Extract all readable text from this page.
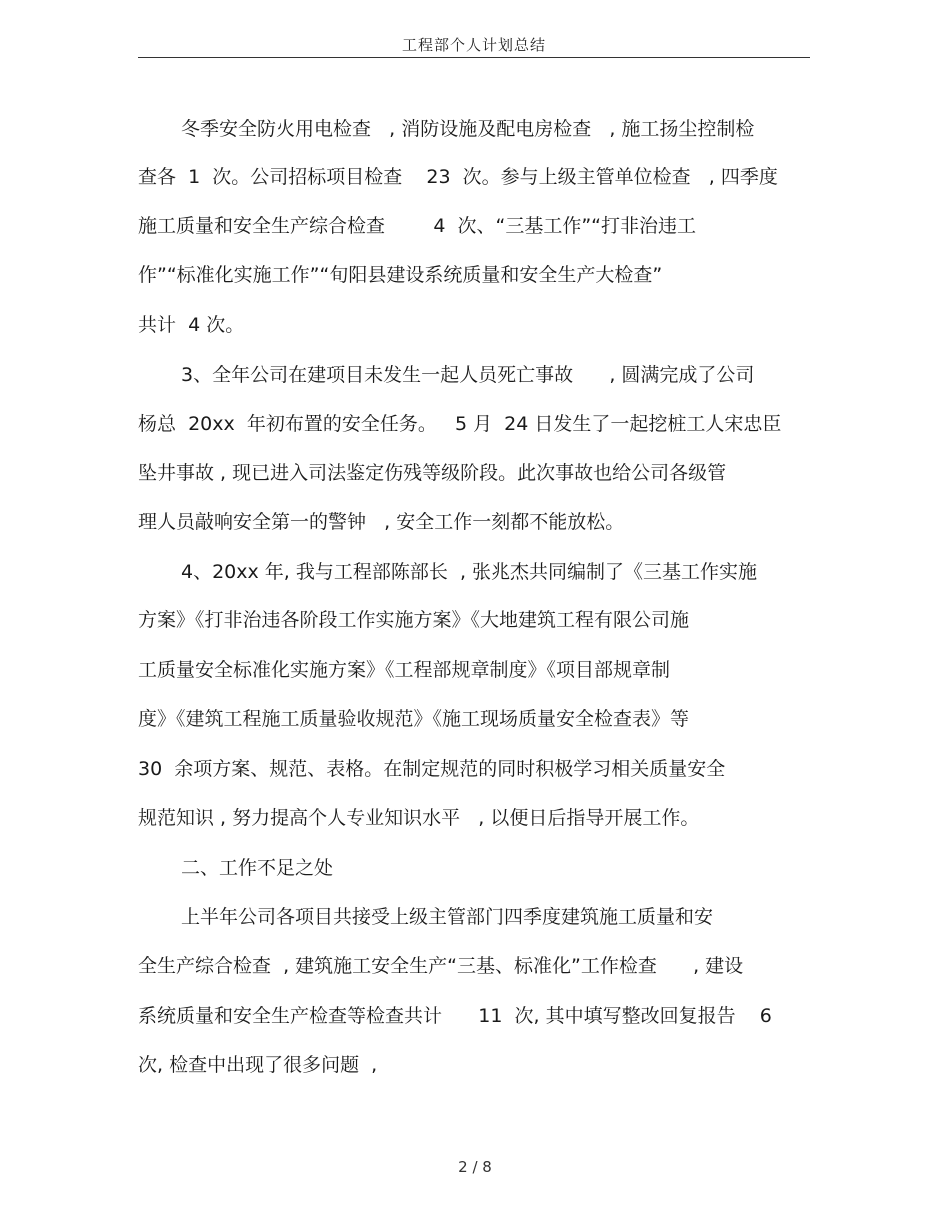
工程部个人计划总结
冬季安全防火用电检查   , 消防设施及配电房检查   , 施工扬尘控制检
查各  1  次。公司招标项目检查    23  次。参与上级主管单位检查   , 四季度
施工质量和安全生产综合检查        4  次、“三基工作”“打非治违工
作”“标准化实施工作”“旬阳县建设系统质量和安全生产大检查”
共计  4 次。
3、全年公司在建项目未发生一起人员死亡事故      , 圆满完成了公司
杨总  20xx  年初布置的安全任务。   5 月  24 日发生了一起挖桩工人宋忠臣
坠井事故 , 现已进入司法鉴定伤残等级阶段。此次事故也给公司各级管
理人员敲响安全第一的警钟   , 安全工作一刻都不能放松。
4、20xx 年, 我与工程部陈部长  , 张兆杰共同编制了《三基工作实施
方案》《打非治违各阶段工作实施方案》《大地建筑工程有限公司施
工质量安全标准化实施方案》《工程部规章制度》《项目部规章制
度》《建筑工程施工质量验收规范》《施工现场质量安全检查表》等
30  余项方案、规范、表格。在制定规范的同时积极学习相关质量安全
规范知识 , 努力提高个人专业知识水平   , 以便日后指导开展工作。
二、工作不足之处
上半年公司各项目共接受上级主管部门四季度建筑施工质量和安
全生产综合检查  , 建筑施工安全生产“三基、标准化”工作检查      , 建设
系统质量和安全生产检查等检查共计      11  次, 其中填写整改回复报告    6
次, 检查中出现了很多问题  ,
2 / 8
